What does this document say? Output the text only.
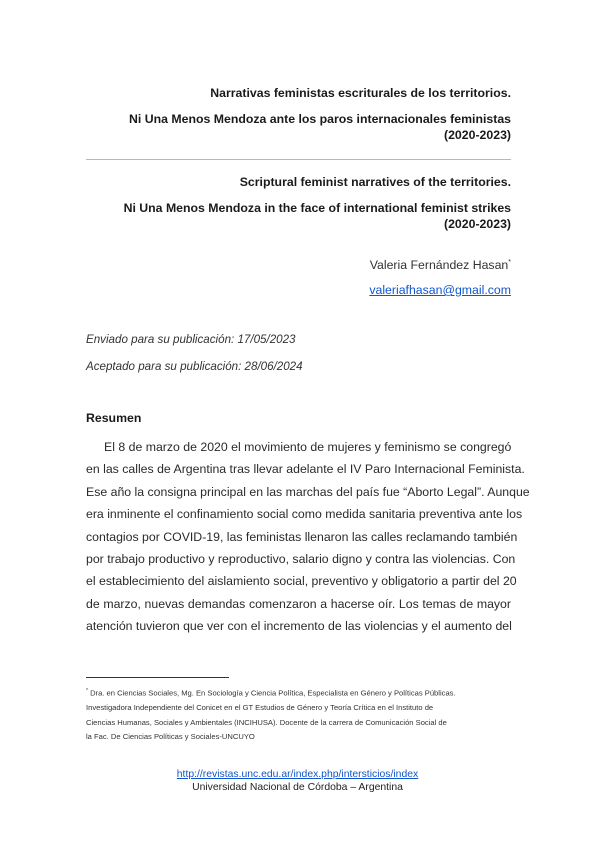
Narrativas feministas escriturales de los territorios.
Ni Una Menos Mendoza ante los paros internacionales feministas
(2020-2023)
Scriptural feminist narratives of the territories.
Ni Una Menos Mendoza in the face of international feminist strikes
(2020-2023)
Valeria Fernández Hasan*
valeriafhasan@gmail.com
Enviado para su publicación: 17/05/2023
Aceptado para su publicación: 28/06/2024
Resumen
El 8 de marzo de 2020 el movimiento de mujeres y feminismo se congregó
en las calles de Argentina tras llevar adelante el IV Paro Internacional Feminista.
Ese año la consigna principal en las marchas del país fue “Aborto Legal”. Aunque
era inminente el confinamiento social como medida sanitaria preventiva ante los
contagios por COVID-19, las feministas llenaron las calles reclamando también
por trabajo productivo y reproductivo, salario digno y contra las violencias. Con
el establecimiento del aislamiento social, preventivo y obligatorio a partir del 20
de marzo, nuevas demandas comenzaron a hacerse oír. Los temas de mayor
atención tuvieron que ver con el incremento de las violencias y el aumento del
* Dra. en Ciencias Sociales, Mg. En Sociología y Ciencia Política, Especialista en Género y Políticas Públicas.
Investigadora Independiente del Conicet en el GT Estudios de Género y Teoría Crítica en el Instituto de
Ciencias Humanas, Sociales y Ambientales (INCIHUSA). Docente de la carrera de Comunicación Social de
la Fac. De Ciencias Políticas y Sociales-UNCUYO
http://revistas.unc.edu.ar/index.php/intersticios/index
Universidad Nacional de Córdoba – Argentina
